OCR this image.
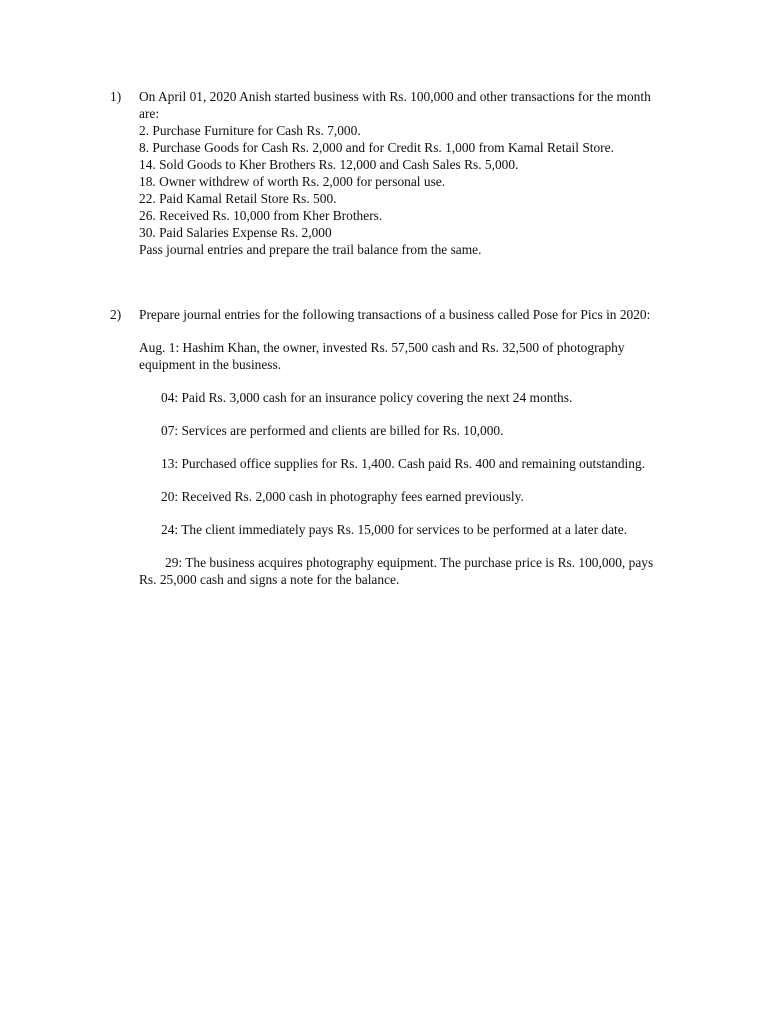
1)	On April 01, 2020 Anish started business with Rs. 100,000 and other transactions for the month are:
2. Purchase Furniture for Cash Rs. 7,000.
8. Purchase Goods for Cash Rs. 2,000 and for Credit Rs. 1,000 from Kamal Retail Store.
14. Sold Goods to Kher Brothers Rs. 12,000 and Cash Sales Rs. 5,000.
18. Owner withdrew of worth Rs. 2,000 for personal use.
22. Paid Kamal Retail Store Rs. 500.
26. Received Rs. 10,000 from Kher Brothers.
30. Paid Salaries Expense Rs. 2,000
Pass journal entries and prepare the trail balance from the same.
2)	Prepare journal entries for the following transactions of a business called Pose for Pics in 2020:
Aug. 1: Hashim Khan, the owner, invested Rs. 57,500 cash and Rs. 32,500 of photography equipment in the business.
04: Paid Rs. 3,000 cash for an insurance policy covering the next 24 months.
07: Services are performed and clients are billed for Rs. 10,000.
13: Purchased office supplies for Rs. 1,400. Cash paid Rs. 400 and remaining outstanding.
20: Received Rs. 2,000 cash in photography fees earned previously.
24: The client immediately pays Rs. 15,000 for services to be performed at a later date.
29: The business acquires photography equipment. The purchase price is Rs. 100,000, pays Rs. 25,000 cash and signs a note for the balance.
